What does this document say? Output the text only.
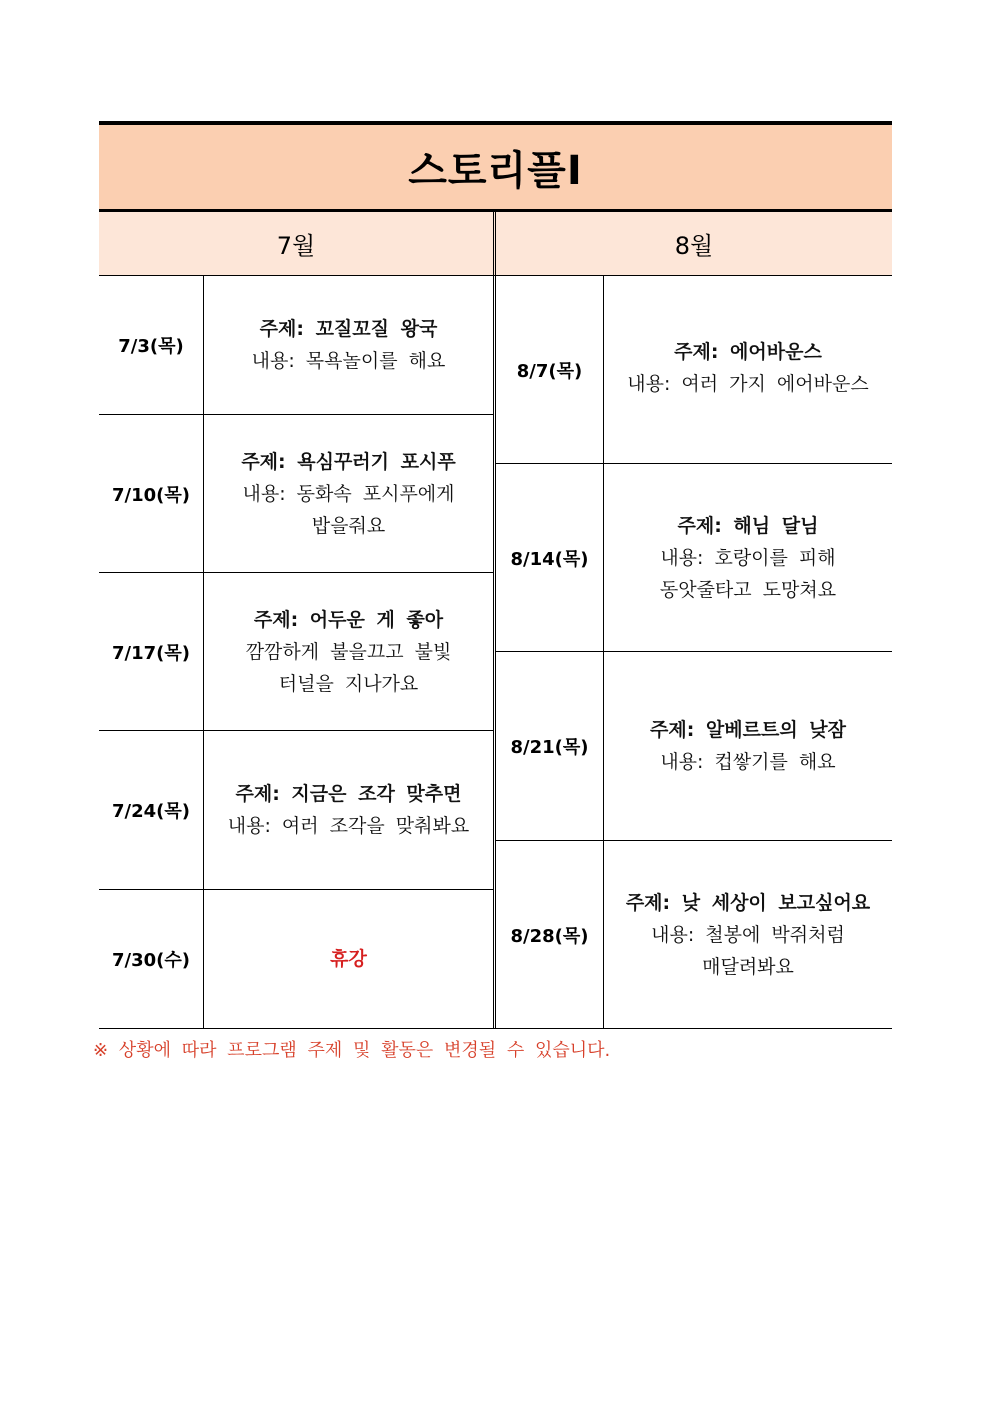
스토리플Ⅰ
7월	8월
7/3(목)
주제: 꼬질꼬질 왕국
내용: 목욕놀이를 해요
7/10(목)
주제: 욕심꾸러기 포시푸
내용: 동화속 포시푸에게
밥을줘요
7/17(목)
주제: 어두운 게 좋아
깜깜하게 불을끄고 불빛
터널을 지나가요
7/24(목)
주제: 지금은 조각 맞추면
내용: 여러 조각을 맞춰봐요
7/30(수)	휴강
8/7(목)
주제: 에어바운스
내용: 여러 가지 에어바운스
8/14(목)
주제: 해님 달님
내용: 호랑이를 피해
동앗줄타고 도망쳐요
8/21(목)
주제: 알베르트의 낮잠
내용: 컵쌓기를 해요
8/28(목)
주제: 낮 세상이 보고싶어요
내용: 철봉에 박쥐처럼
매달려봐요
※ 상황에 따라 프로그램 주제 및 활동은 변경될 수 있습니다.
